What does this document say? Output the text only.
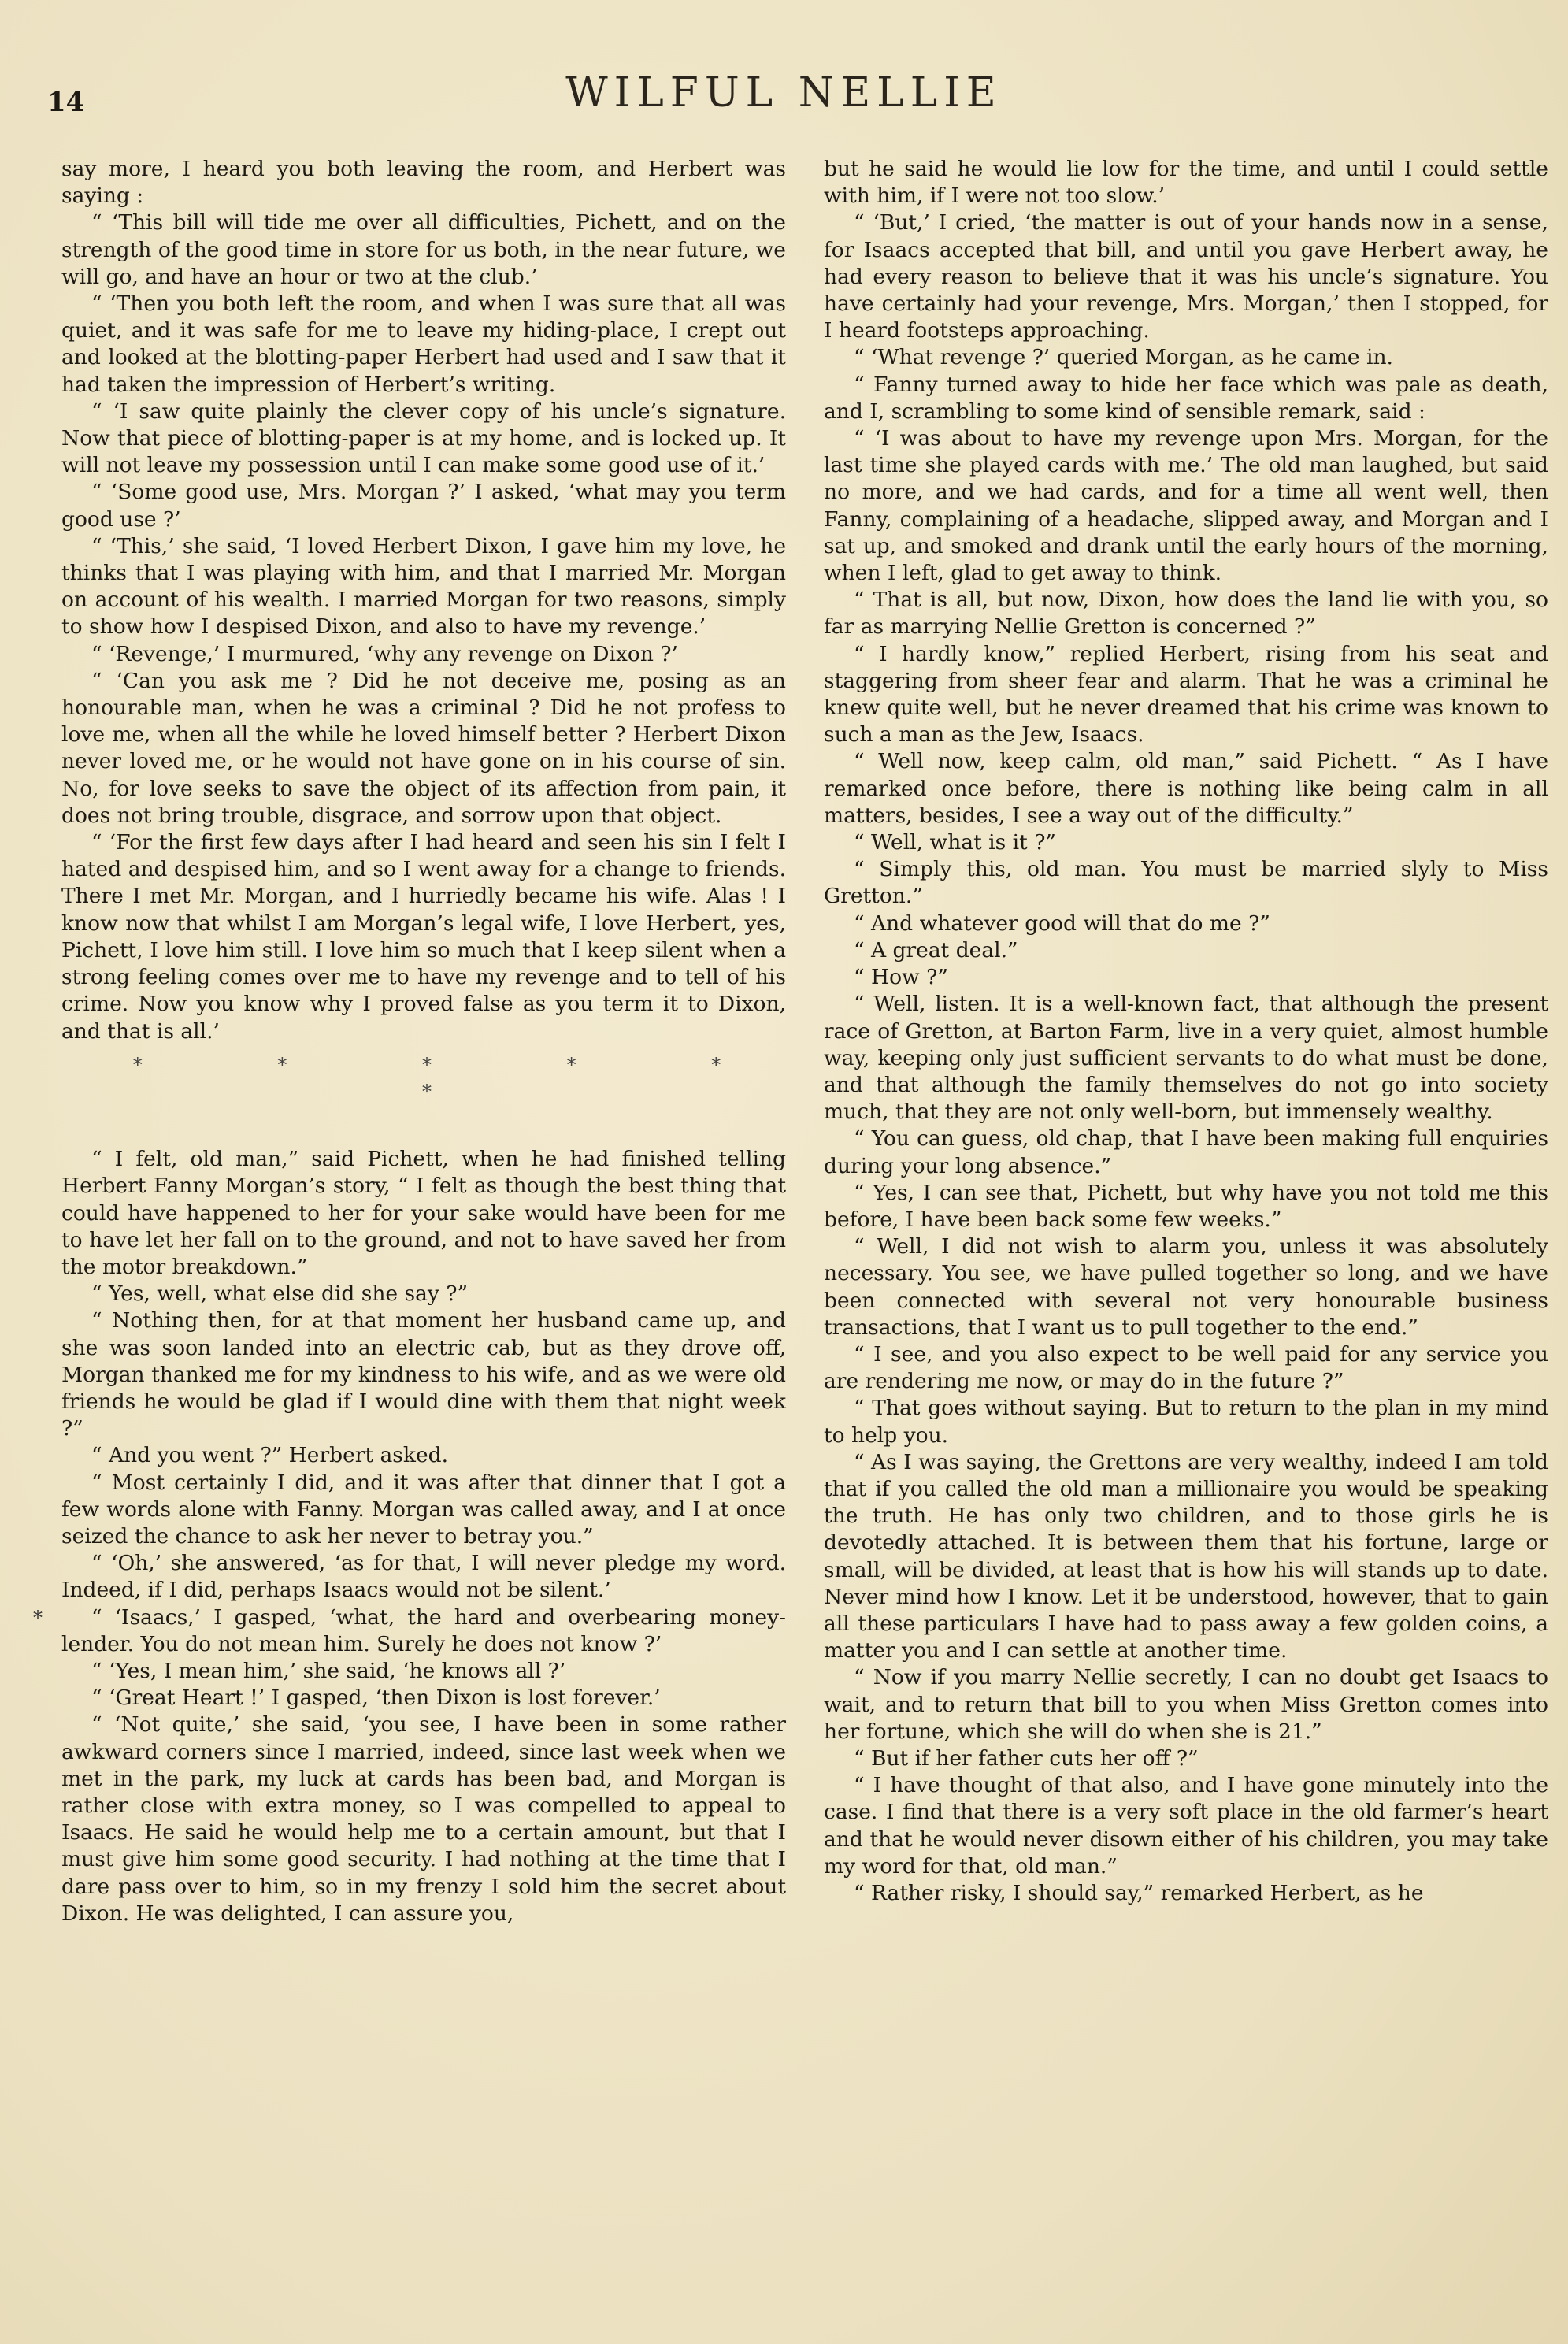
14	WILFUL NELLIE
*

say more, I heard you both leaving the room, and Herbert was saying :

“ ‘This bill will tide me over all difficulties, Pichett, and on the strength of the good time in store for us both, in the near future, we will go, and have an hour or two at the club.’

“ ‘Then you both left the room, and when I was sure that all was quiet, and it was safe for me to leave my hiding-place, I crept out and looked at the blotting-paper Herbert had used and I saw that it had taken the impression of Herbert’s writing.

“ ‘I saw quite plainly the clever copy of his uncle’s signature. Now that piece of blotting-paper is at my home, and is locked up. It will not leave my possession until I can make some good use of it.’

“ ‘Some good use, Mrs. Morgan ?’ I asked, ‘what may you term good use ?’

“ ‘This,’ she said, ‘I loved Herbert Dixon, I gave him my love, he thinks that I was playing with him, and that I married Mr. Morgan on account of his wealth. I married Morgan for two reasons, simply to show how I despised Dixon, and also to have my revenge.’

“ ‘Revenge,’ I murmured, ‘why any revenge on Dixon ?’

“ ‘Can you ask me ? Did he not deceive me, posing as an honourable man, when he was a criminal ? Did he not profess to love me, when all the while he loved himself better ? Herbert Dixon never loved me, or he would not have gone on in his course of sin. No, for love seeks to save the object of its affection from pain, it does not bring trouble, disgrace, and sorrow upon that object.

“ ‘For the first few days after I had heard and seen his sin I felt I hated and despised him, and so I went away for a change to friends. There I met Mr. Morgan, and I hurriedly became his wife. Alas ! I know now that whilst I am Morgan’s legal wife, I love Herbert, yes, Pichett, I love him still. I love him so much that I keep silent when a strong feeling comes over me to have my revenge and to tell of his crime. Now you know why I proved false as you term it to Dixon, and that is all.’

* * * * * *

“ I felt, old man,” said Pichett, when he had finished telling Herbert Fanny Morgan’s story, “ I felt as though the best thing that could have happened to her for your sake would have been for me to have let her fall on to the ground, and not to have saved her from the motor breakdown.”

“ Yes, well, what else did she say ?”

“ Nothing then, for at that moment her husband came up, and she was soon landed into an electric cab, but as they drove off, Morgan thanked me for my kindness to his wife, and as we were old friends he would be glad if I would dine with them that night week ?”

“ And you went ?” Herbert asked.

“ Most certainly I did, and it was after that dinner that I got a few words alone with Fanny. Morgan was called away, and I at once seized the chance to ask her never to betray you.”

“ ‘Oh,’ she answered, ‘as for that, I will never pledge my word. Indeed, if I did, perhaps Isaacs would not be silent.’

“ ‘Isaacs,’ I gasped, ‘what, the hard and overbearing money-lender. You do not mean him. Surely he does not know ?’

“ ‘Yes, I mean him,’ she said, ‘he knows all ?’

“ ‘Great Heart !’ I gasped, ‘then Dixon is lost forever.’

“ ‘Not quite,’ she said, ‘you see, I have been in some rather awkward corners since I married, indeed, since last week when we met in the park, my luck at cards has been bad, and Morgan is rather close with extra money, so I was compelled to appeal to Isaacs. He said he would help me to a certain amount, but that I must give him some good security. I had nothing at the time that I dare pass over to him, so in my frenzy I sold him the secret about Dixon. He was delighted, I can assure you,

but he said he would lie low for the time, and until I could settle with him, if I were not too slow.’

“ ‘But,’ I cried, ‘the matter is out of your hands now in a sense, for Isaacs accepted that bill, and until you gave Herbert away, he had every reason to believe that it was his uncle’s signature. You have certainly had your revenge, Mrs. Morgan,’ then I stopped, for I heard footsteps approaching.

“ ‘What revenge ?’ queried Morgan, as he came in.

“ Fanny turned away to hide her face which was pale as death, and I, scrambling to some kind of sensible remark, said :

“ ‘I was about to have my revenge upon Mrs. Morgan, for the last time she played cards with me.’ The old man laughed, but said no more, and we had cards, and for a time all went well, then Fanny, complaining of a headache, slipped away, and Morgan and I sat up, and smoked and drank until the early hours of the morning, when I left, glad to get away to think.

“ That is all, but now, Dixon, how does the land lie with you, so far as marrying Nellie Gretton is concerned ?”

“ I hardly know,” replied Herbert, rising from his seat and staggering from sheer fear and alarm. That he was a criminal he knew quite well, but he never dreamed that his crime was known to such a man as the Jew, Isaacs.

“ Well now, keep calm, old man,” said Pichett. “ As I have remarked once before, there is nothing like being calm in all matters, besides, I see a way out of the difficulty.”

“ Well, what is it ?”

“ Simply this, old man. You must be married slyly to Miss Gretton.”

“ And whatever good will that do me ?”

“ A great deal.”

“ How ?”

“ Well, listen. It is a well-known fact, that although the present race of Gretton, at Barton Farm, live in a very quiet, almost humble way, keeping only just sufficient servants to do what must be done, and that although the family themselves do not go into society much, that they are not only well-born, but immensely wealthy.

“ You can guess, old chap, that I have been making full enquiries during your long absence.”

“ Yes, I can see that, Pichett, but why have you not told me this before, I have been back some few weeks.”

“ Well, I did not wish to alarm you, unless it was absolutely necessary. You see, we have pulled together so long, and we have been connected with several not very honourable business transactions, that I want us to pull together to the end.”

“ I see, and you also expect to be well paid for any service you are rendering me now, or may do in the future ?”

“ That goes without saying. But to return to the plan in my mind to help you.

“ As I was saying, the Grettons are very wealthy, indeed I am told that if you called the old man a millionaire you would be speaking the truth. He has only two children, and to those girls he is devotedly attached. It is between them that his fortune, large or small, will be divided, at least that is how his will stands up to date. Never mind how I know. Let it be understood, however, that to gain all these particulars I have had to pass away a few golden coins, a matter you and I can settle at another time.

“ Now if you marry Nellie secretly, I can no doubt get Isaacs to wait, and to return that bill to you when Miss Gretton comes into her fortune, which she will do when she is 21.”

“ But if her father cuts her off ?”

“ I have thought of that also, and I have gone minutely into the case. I find that there is a very soft place in the old farmer’s heart and that he would never disown either of his children, you may take my word for that, old man.”

“ Rather risky, I should say,” remarked Herbert, as he
